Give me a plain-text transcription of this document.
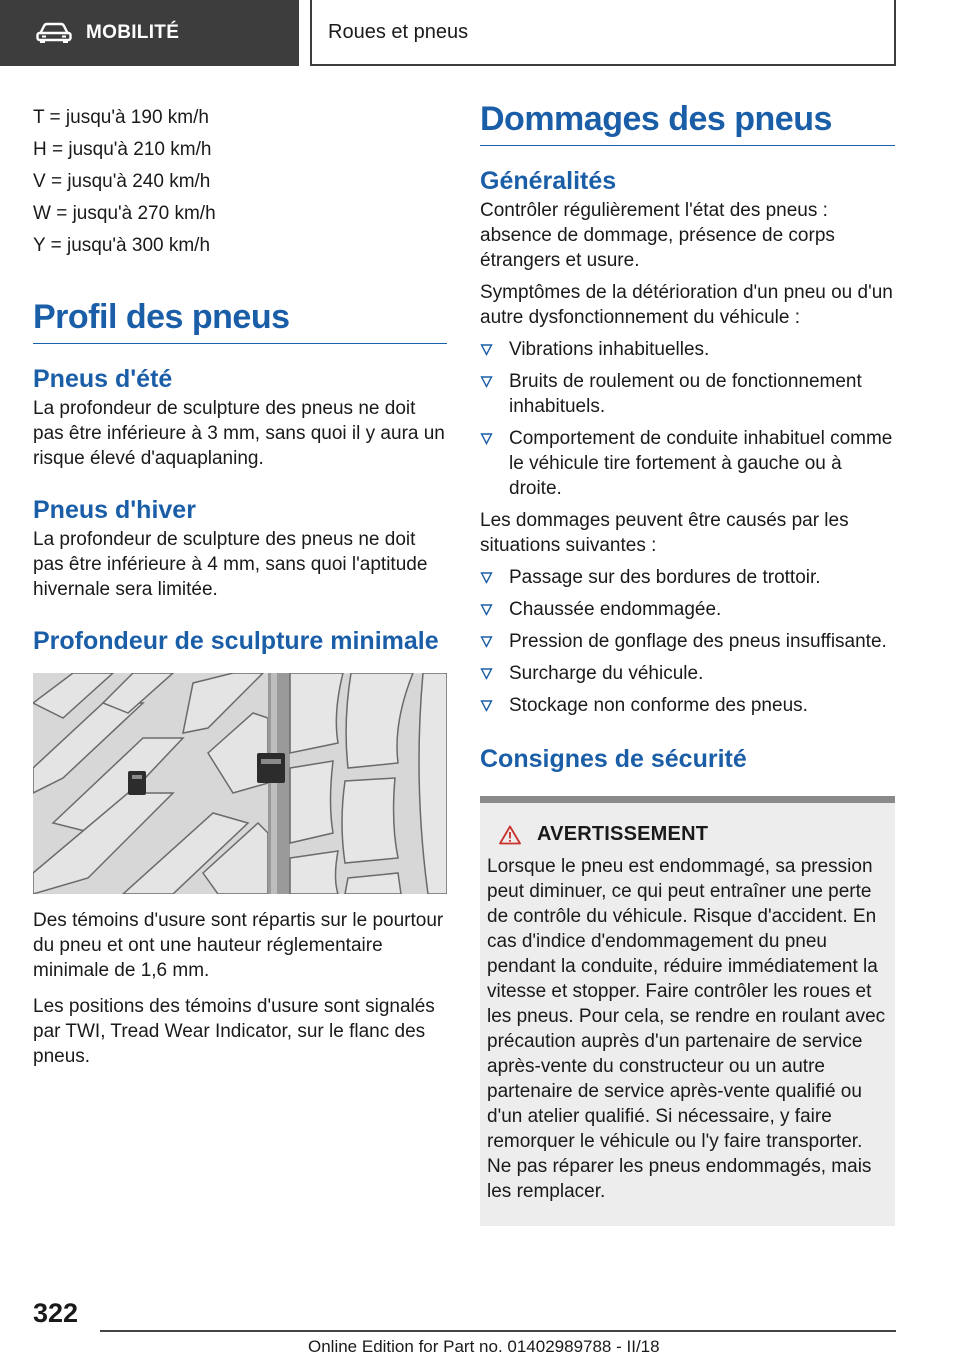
MOBILITÉ	Roues et pneus
T = jusqu'à 190 km/h
H = jusqu'à 210 km/h
V = jusqu'à 240 km/h
W = jusqu'à 270 km/h
Y = jusqu'à 300 km/h
Profil des pneus
Pneus d'été

La profondeur de sculpture des pneus ne doit pas être inférieure à 3 mm, sans quoi il y aura un risque élevé d'aquaplaning.

Pneus d'hiver

La profondeur de sculpture des pneus ne doit pas être inférieure à 4 mm, sans quoi l'aptitude hivernale sera limitée.

Profondeur de sculpture minimale

Des témoins d'usure sont répartis sur le pourtour du pneu et ont une hauteur réglementaire minimale de 1,6 mm.

Les positions des témoins d'usure sont signalés par TWI, Tread Wear Indicator, sur le flanc des pneus.

Dommages des pneus
Généralités

Contrôler régulièrement l'état des pneus : absence de dommage, présence de corps étrangers et usure.

Symptômes de la détérioration d'un pneu ou d'un autre dysfonctionnement du véhicule :

Vibrations inhabituelles.
Bruits de roulement ou de fonctionnement inhabituels.
Comportement de conduite inhabituel comme le véhicule tire fortement à gauche ou à droite.

Les dommages peuvent être causés par les situations suivantes :

Passage sur des bordures de trottoir.
Chaussée endommagée.
Pression de gonflage des pneus insuffisante.
Surcharge du véhicule.
Stockage non conforme des pneus.
Consignes de sécurité
AVERTISSEMENT

Lorsque le pneu est endommagé, sa pression peut diminuer, ce qui peut entraîner une perte de contrôle du véhicule. Risque d'accident. En cas d'indice d'endommagement du pneu pendant la conduite, réduire immédiatement la vitesse et stopper. Faire contrôler les roues et les pneus. Pour cela, se rendre en roulant avec précaution auprès d'un partenaire de service après-vente du constructeur ou un autre partenaire de service après-vente qualifié ou d'un atelier qualifié. Si nécessaire, y faire remorquer le véhicule ou l'y faire transporter. Ne pas réparer les pneus endommagés, mais les remplacer.

322
Online Edition for Part no. 01402989788 - II/18
